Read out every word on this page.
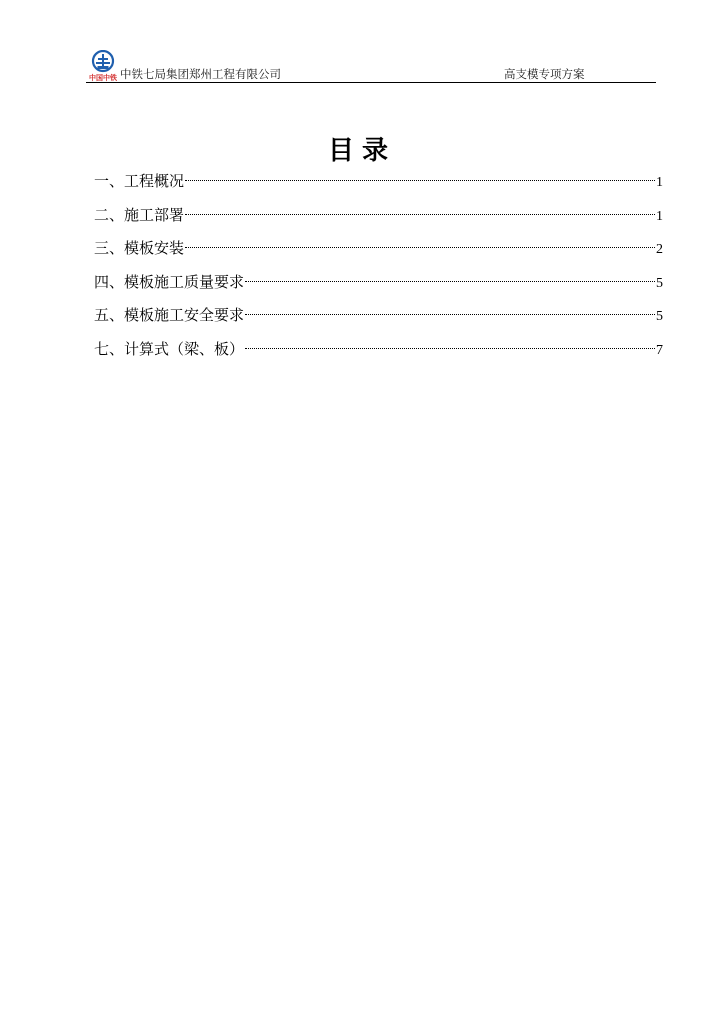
中国中铁 中铁七局集团郑州工程有限公司	高支模专项方案
目录
一、工程概况	1
二、施工部署	1
三、模板安装	2
四、模板施工质量要求	5
五、模板施工安全要求	5
七、计算式（梁、板）	7
